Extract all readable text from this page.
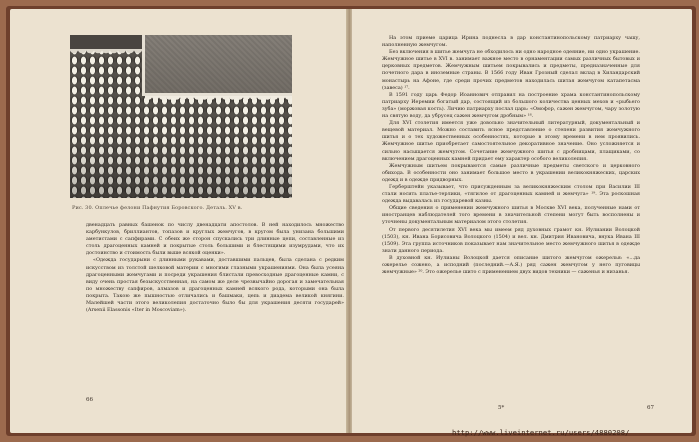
Рис. 30. Оплечье фелони Пафнутия Боровского. Деталь. XV в.

двенадцать равных башенок по числу двенадцати апостолов. В ней находилось множество карбункулов, бриллиантов, топазов и круглых жемчугов, в кругом была унизана большими аметистами с сапфирами. С обеих же сторон спускались три длинные цепи, составленные из столь драгоценных камней и покрытые столь большими и блестящими изумрудами, что их достоинство и стоимость были выше всякой оценки».

«Одежда государыни с длинными рукавами, доставшими пальцев, была сделана с редким искусством из толстой шелковой материи с многими глазными украшениями. Она была усеяна драгоценными жемчугами и посреди украшения блистали превосходные драгоценные камни, с виду очень простая безыскусственная, на самом же деле чрезвычайно дорогая и замечательная по множеству сапфиров, алмазов и драгоценных камней всякого рода, которыми она была покрыта. Такою же пышностью отличались и башмаки, цепь и диадема великой княгини. Малейшей части этого великолепия достаточно было бы для украшения десяти государей» (Arsenii Elassonis «Iter in Moscoviam»).

66

На этом приеме царица Ирина поднесла в дар константинопольскому патриарху чашу, наполненную жемчугом.

Без включения в шитье жемчуга не обходилось ни одно народное одеяние, ни одно украшение. Жемчужное шитье в XVI в. занимает важное место в орнаментации самых различных бытовых и церковных предметов. Жемчужным шитьем покрывались и предметы, предназначенные для почетного дара в иноземные страны. В 1566 году Иван Грозный сделал вклад в Хиландарский монастырь на Афоне, где среди прочих предметов находилась шитая жемчугом катапетасма (завеса) ¹⁷.

В 1591 году царь Федор Иоаннович отправил на построение храма константинопольскому патриарху Иеремии богатый дар, состоящий из большого количества ценных мехов и «рыбьего зуба» (моржовая кость). Личию патриарху послал царь: «Омофор, сажен жемчугом, чару золотую на святую воду, да убрусец сажен жемчугом дробным» ¹⁸.

Для XVI столетия имеется уже довольно значительный литературный, документальный и вещевой материал. Можно составить ясное представление о степени развития жемчужного шитья и о тех художественных особенностях, которые в этому времени в нем проявились. Жемчужное шитье приобретает самостоятельное декоративное значение. Оно усложняется и сильно насыщается жемчугом. Сочетание жемчужного шитья с дробницами, плащиками, со включением драгоценных камней придает ему характер особого великолепия.

Жемчужным шитьем покрываются самые различные предметы светского и церковного обихода. В особенности оно занимает большое место в украшении великокняжеских, царских одежд и в одежде придворных.

Герберштейн указывает, что присужденным за великокняжеским столом при Василии III стали носить платье-терлики, «тягилое от драгоценных камней и жемчуга» ¹⁹. Эта роскошная одежда выдавалась из государевой казны.

Общие сведения о применении жемчужного шитья в Москве XVI века, полученные нами от иностранцев наблюдателей того времени в значительной степени могут быть восполнены и уточнены документальным материалом этого столетия.

От первого десятилетия XVI века мы имеем ряд духовных грамот кн. Иулиании Волоцкой (1503), кн. Ивана Борисовича Волоцкого (1504) и вел. кн. Дмитрия Ивановича, внука Ивана III (1509). Эта группа источников показывает нам значительное место жемчужного шитья в одежде знати данного периода.

В духовной кн. Иулианы Волоцкой дается описание шитого жемчугом ожерелья: «...да ожерелье сожено, а исподний (последний.—А.Я.) ряд сажен жемчугом у него пуговицы жемчужные» ²⁰. Это ожерелье шито с применением двух видов техники — саженья и низанья.

5*	67
http://www.liveinternet.ru/users/4880208/
